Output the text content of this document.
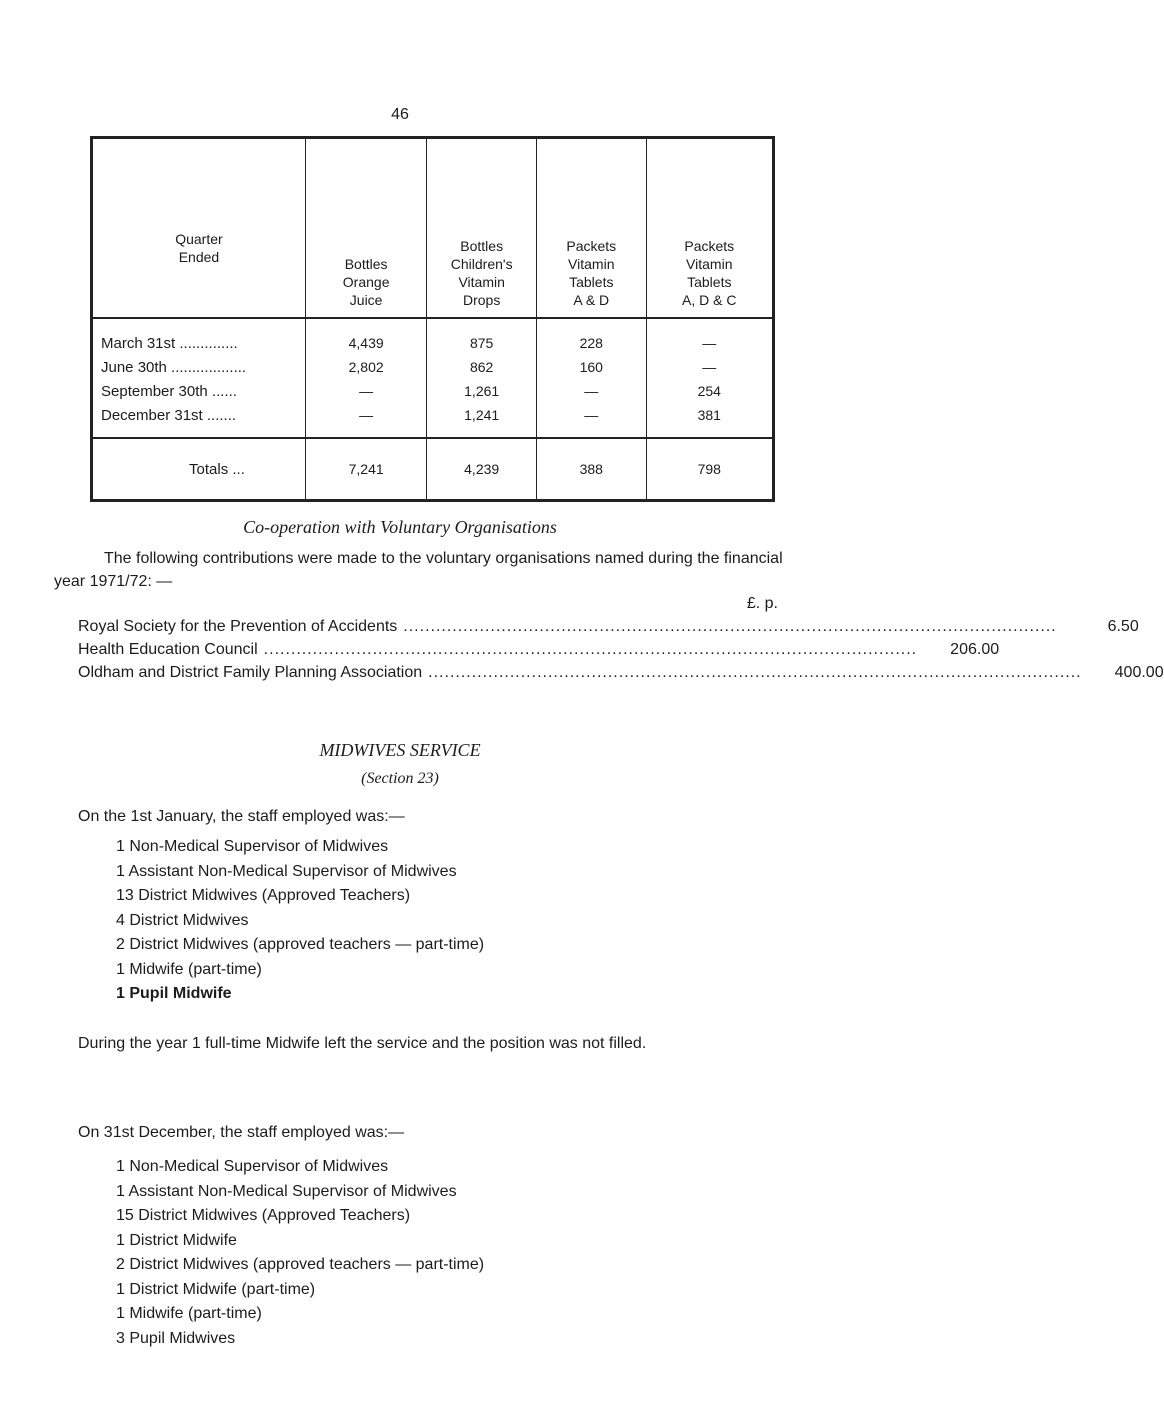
46
Quarter
Ended	Bottles
Orange
Juice	Bottles
Children's
Vitamin
Drops	Packets
Vitamin
Tablets
A & D	Packets
Vitamin
Tablets
A, D & C

March 31st ..............	4,439	875	228	—
June 30th ..................	2,802	862	160	—
September 30th ......	—	1,261	—	254
December 31st .......	—	1,241	—	381
Totals ...	7,241	4,239	388	798
Co-operation with Voluntary Organisations
The following contributions were made to the voluntary organisations named during the financial year 1971/72: —
£. p.
Royal Society for the Prevention of Accidents ........................................................................................................................	6.50
Health Education Council ........................................................................................................................	206.00
Oldham and District Family Planning Association ........................................................................................................................	400.00
MIDWIVES SERVICE
(Section 23)
On the 1st January, the staff employed was:—
1 Non-Medical Supervisor of Midwives
1 Assistant Non-Medical Supervisor of Midwives
13 District Midwives (Approved Teachers)
4 District Midwives
2 District Midwives (approved teachers — part-time)
1 Midwife (part-time)
1 Pupil Midwife
During the year 1 full-time Midwife left the service and the position was not filled.
On 31st December, the staff employed was:—
1 Non-Medical Supervisor of Midwives
1 Assistant Non-Medical Supervisor of Midwives
15 District Midwives (Approved Teachers)
1 District Midwife
2 District Midwives (approved teachers — part-time)
1 District Midwife (part-time)
1 Midwife (part-time)
3 Pupil Midwives
